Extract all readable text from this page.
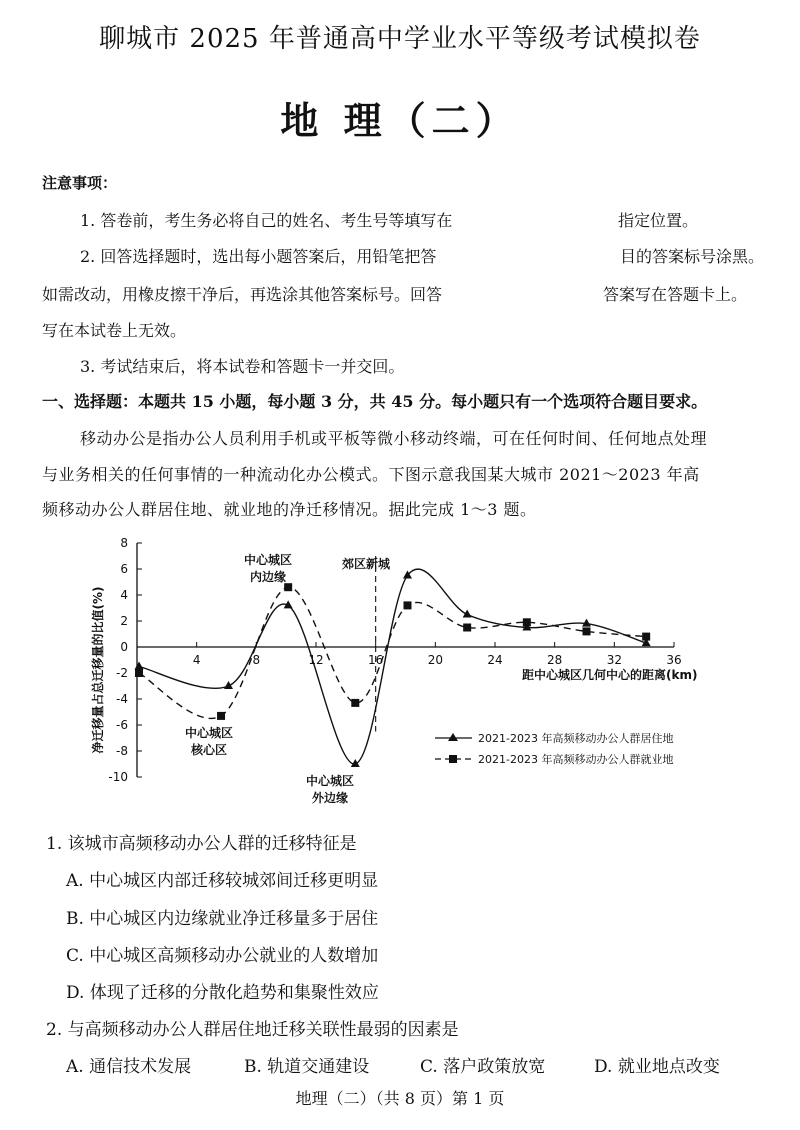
聊城市 2025 年普通高中学业水平等级考试模拟卷
地 理（二）
注意事项：
1. 答卷前，考生务必将自己的姓名、考生号等填写在	指定位置。
2. 回答选择题时，选出每小题答案后，用铅笔把答	目的答案标号涂黑。
如需改动，用橡皮擦干净后，再选涂其他答案标号。回答	答案写在答题卡上。
写在本试卷上无效。
3. 考试结束后，将本试卷和答题卡一并交回。
一、选择题：本题共 15 小题，每小题 3 分，共 45 分。每小题只有一个选项符合题目要求。
移动办公是指办公人员利用手机或平板等微小移动终端，可在任何时间、任何地点处理
与业务相关的任何事情的一种流动化办公模式。下图示意我国某大城市 2021～2023 年高
频移动办公人群居住地、就业地的净迁移情况。据此完成 1～3 题。
8
6
4
2
0
-2
-4
-6
-8
-10
4	8	12	16	20	24	28	32	36
净迁移量占总迁移量的比值(%)	距中心城区几何中心的距离(km)
中心城区
内边缘
郊区新城
中心城区
核心区
中心城区
外边缘
2021-2023 年高频移动办公人群居住地
2021-2023 年高频移动办公人群就业地
1. 该城市高频移动办公人群的迁移特征是
A. 中心城区内部迁移较城郊间迁移更明显
B. 中心城区内边缘就业净迁移量多于居住
C. 中心城区高频移动办公就业的人数增加
D. 体现了迁移的分散化趋势和集聚性效应
2. 与高频移动办公人群居住地迁移关联性最弱的因素是
A. 通信技术发展	B. 轨道交通建设	C. 落户政策放宽	D. 就业地点改变
地理（二）（共 8 页）第 1 页
